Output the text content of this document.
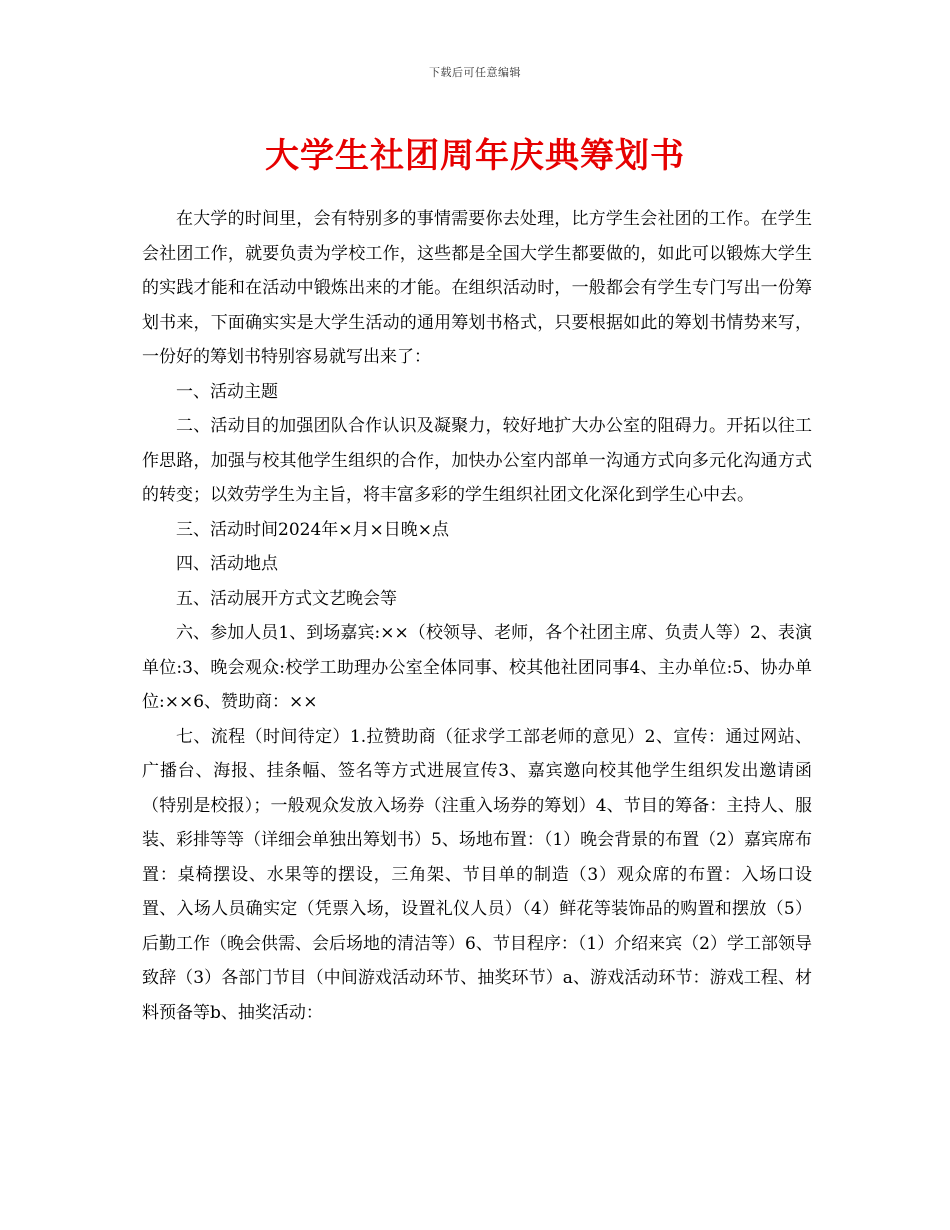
下载后可任意编辑
大学生社团周年庆典筹划书

在大学的时间里，会有特别多的事情需要你去处理，比方学生会社团的工作。在学生会社团工作，就要负责为学校工作，这些都是全国大学生都要做的，如此可以锻炼大学生的实践才能和在活动中锻炼出来的才能。在组织活动时，一般都会有学生专门写出一份筹划书来，下面确实实是大学生活动的通用筹划书格式，只要根据如此的筹划书情势来写，一份好的筹划书特别容易就写出来了：

一、活动主题

二、活动目的加强团队合作认识及凝聚力，较好地扩大办公室的阻碍力。开拓以往工作思路，加强与校其他学生组织的合作，加快办公室内部单一沟通方式向多元化沟通方式的转变；以效劳学生为主旨，将丰富多彩的学生组织社团文化深化到学生心中去。

三、活动时间2024年×月×日晚×点

四、活动地点

五、活动展开方式文艺晚会等

六、参加人员1、到场嘉宾:××（校领导、老师，各个社团主席、负责人等）2、表演单位:3、晚会观众:校学工助理办公室全体同事、校其他社团同事4、主办单位:5、协办单位:××6、赞助商：××

七、流程（时间待定）1.拉赞助商（征求学工部老师的意见）2、宣传：通过网站、广播台、海报、挂条幅、签名等方式进展宣传3、嘉宾邀向校其他学生组织发出邀请函（特别是校报）；一般观众发放入场券（注重入场券的筹划）4、节目的筹备：主持人、服装、彩排等等（详细会单独出筹划书）5、场地布置：（1）晚会背景的布置（2）嘉宾席布置：桌椅摆设、水果等的摆设，三角架、节目单的制造（3）观众席的布置：入场口设置、入场人员确实定（凭票入场，设置礼仪人员）（4）鲜花等装饰品的购置和摆放（5）后勤工作（晚会供需、会后场地的清洁等）6、节目程序：（1）介绍来宾（2）学工部领导致辞（3）各部门节目（中间游戏活动环节、抽奖环节）a、游戏活动环节：游戏工程、材料预备等b、抽奖活动：
